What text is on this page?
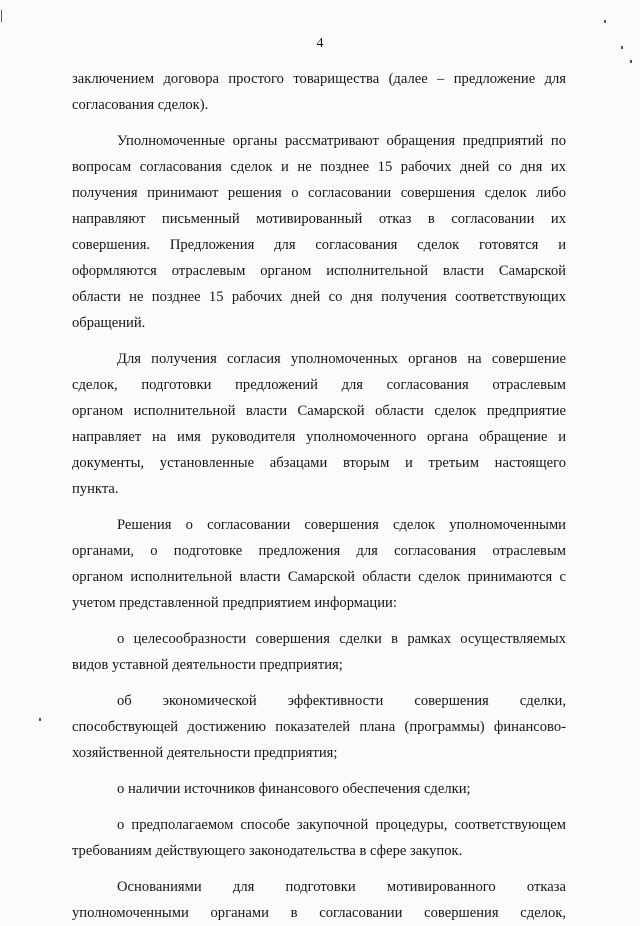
4

заключением договора простого товарищества (далее – предложение для

согласования сделок).

Уполномоченные органы рассматривают обращения предприятий по

вопросам согласования сделок и не позднее 15 рабочих дней со дня их

получения принимают решения о согласовании совершения сделок либо

направляют письменный мотивированный отказ в согласовании их

совершения. Предложения для согласования сделок готовятся и

оформляются отраслевым органом исполнительной власти Самарской

области не позднее 15 рабочих дней со дня получения соответствующих

обращений.

Для получения согласия уполномоченных органов на совершение

сделок, подготовки предложений для согласования отраслевым

органом исполнительной власти Самарской области сделок предприятие

направляет на имя руководителя уполномоченного органа обращение и

документы, установленные абзацами вторым и третьим настоящего

пункта.

Решения о согласовании совершения сделок уполномоченными

органами, о подготовке предложения для согласования отраслевым

органом исполнительной власти Самарской области сделок принимаются с

учетом представленной предприятием информации:

о целесообразности совершения сделки в рамках осуществляемых

видов уставной деятельности предприятия;

об экономической эффективности совершения сделки,

способствующей достижению показателей плана (программы) финансово-

хозяйственной деятельности предприятия;

о наличии источников финансового обеспечения сделки;

о предполагаемом способе закупочной процедуры, соответствующем

требованиям действующего законодательства в сфере закупок.

Основаниями для подготовки мотивированного отказа

уполномоченными органами в согласовании совершения сделок,
